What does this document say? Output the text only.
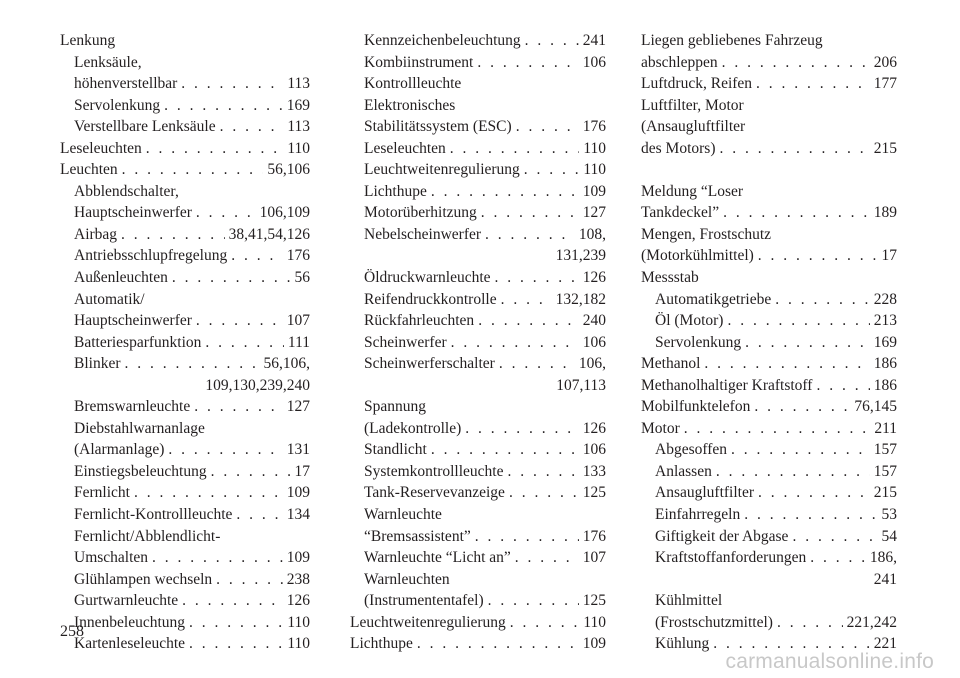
Lenkung
Lenksäule,
höhenverstellbar . . .	113
Servolenkung . . .	169
Verstellbare Lenksäule . . .	113
Leseleuchten . . .	110
Leuchten . . .	56,106
Abblendschalter,
Hauptscheinwerfer . . .	106,109
Airbag . . .	38,41,54,126
Antriebsschlupfregelung . . .	176
Außenleuchten . . .	56
Automatik/
Hauptscheinwerfer . . .	107
Batteriesparfunktion . . .	111
Blinker . . .	56,106,
109,130,239,240
Bremswarnleuchte . . .	127
Diebstahlwarnanlage
(Alarmanlage) . . .	131
Einstiegsbeleuchtung . . .	17
Fernlicht . . .	109
Fernlicht-Kontrollleuchte . . .	134
Fernlicht/Abblendlicht-
Umschalten . . .	109
Glühlampen wechseln . . .	238
Gurtwarnleuchte . . .	126
Innenbeleuchtung . . .	110
Kartenleseleuchte . . .	110
Kennzeichenbeleuchtung . . .	241
Kombiinstrument . . .	106
Kontrollleuchte
Elektronisches
Stabilitätssystem (ESC) . . .	176
Leseleuchten . . .	110
Leuchtweitenregulierung . . .	110
Lichthupe . . .	109
Motorüberhitzung . . .	127
Nebelscheinwerfer . . .	108,
131,239
Öldruckwarnleuchte . . .	126
Reifendruckkontrolle . . .	132,182
Rückfahrleuchten . . .	240
Scheinwerfer . . .	106
Scheinwerferschalter . . .	106,
107,113
Spannung
(Ladekontrolle) . . .	126
Standlicht . . .	106
Systemkontrollleuchte . . .	133
Tank-Reservevanzeige . . .	125
Warnleuchte
“Bremsassistent” . . .	176
Warnleuchte “Licht an” . . .	107
Warnleuchten
(Instrumententafel) . . .	125
Leuchtweitenregulierung . . .	110
Lichthupe . . .	109
Liegen gebliebenes Fahrzeug
abschleppen . . .	206
Luftdruck, Reifen . . .	177
Luftfilter, Motor
(Ansaugluftfilter
des Motors) . . .	215
Meldung “Loser
Tankdeckel” . . .	189
Mengen, Frostschutz
(Motorkühlmittel) . . .	17
Messstab
Automatikgetriebe . . .	228
Öl (Motor) . . .	213
Servolenkung . . .	169
Methanol . . .	186
Methanolhaltiger Kraftstoff . . .	186
Mobilfunktelefon . . .	76,145
Motor . . .	211
Abgesoffen . . .	157
Anlassen . . .	157
Ansaugluftfilter . . .	215
Einfahrregeln . . .	53
Giftigkeit der Abgase . . .	54
Kraftstoffanforderungen . . .	186,
241
Kühlmittel
(Frostschutzmittel) . . .	221,242
Kühlung . . .	221
258
carmanualsonline.info
